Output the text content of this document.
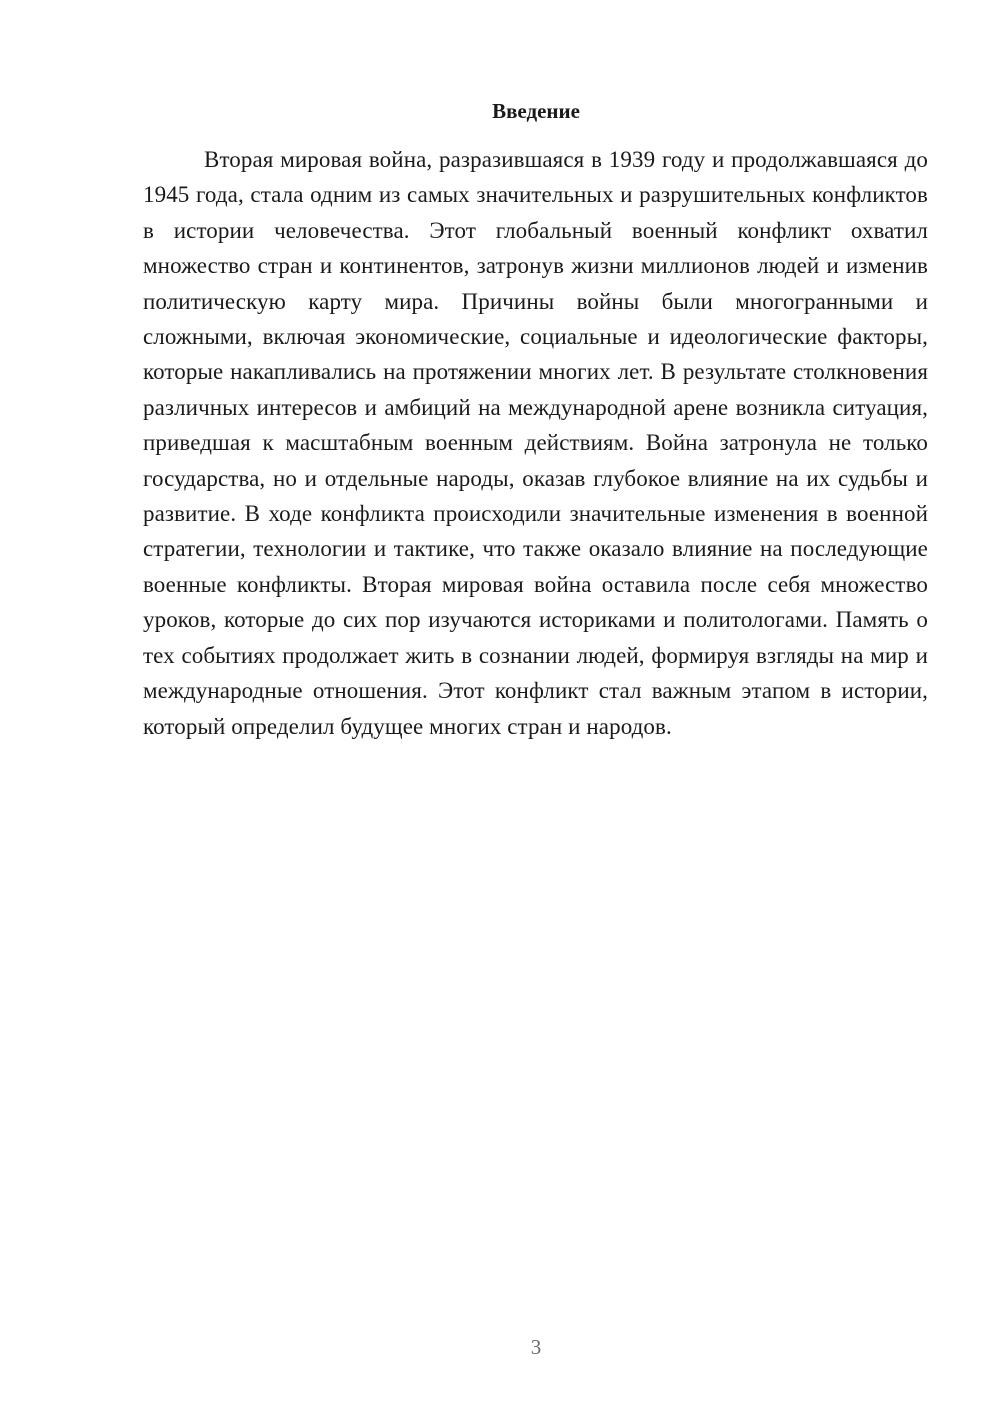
Введение

Вторая мировая война, разразившаяся в 1939 году и продолжавшаяся до 1945 года, стала одним из самых значительных и разрушительных конфликтов в истории человечества. Этот глобальный военный конфликт охватил множество стран и континентов, затронув жизни миллионов людей и изменив политическую карту мира. Причины войны были многогранными и сложными, включая экономические, социальные и идеологические факторы, которые накапливались на протяжении многих лет. В результате столкновения различных интересов и амбиций на международной арене возникла ситуация, приведшая к масштабным военным действиям. Война затронула не только государства, но и отдельные народы, оказав глубокое влияние на их судьбы и развитие. В ходе конфликта происходили значительные изменения в военной стратегии, технологии и тактике, что также оказало влияние на последующие военные конфликты. Вторая мировая война оставила после себя множество уроков, которые до сих пор изучаются историками и политологами. Память о тех событиях продолжает жить в сознании людей, формируя взгляды на мир и международные отношения. Этот конфликт стал важным этапом в истории, который определил будущее многих стран и народов.

3
